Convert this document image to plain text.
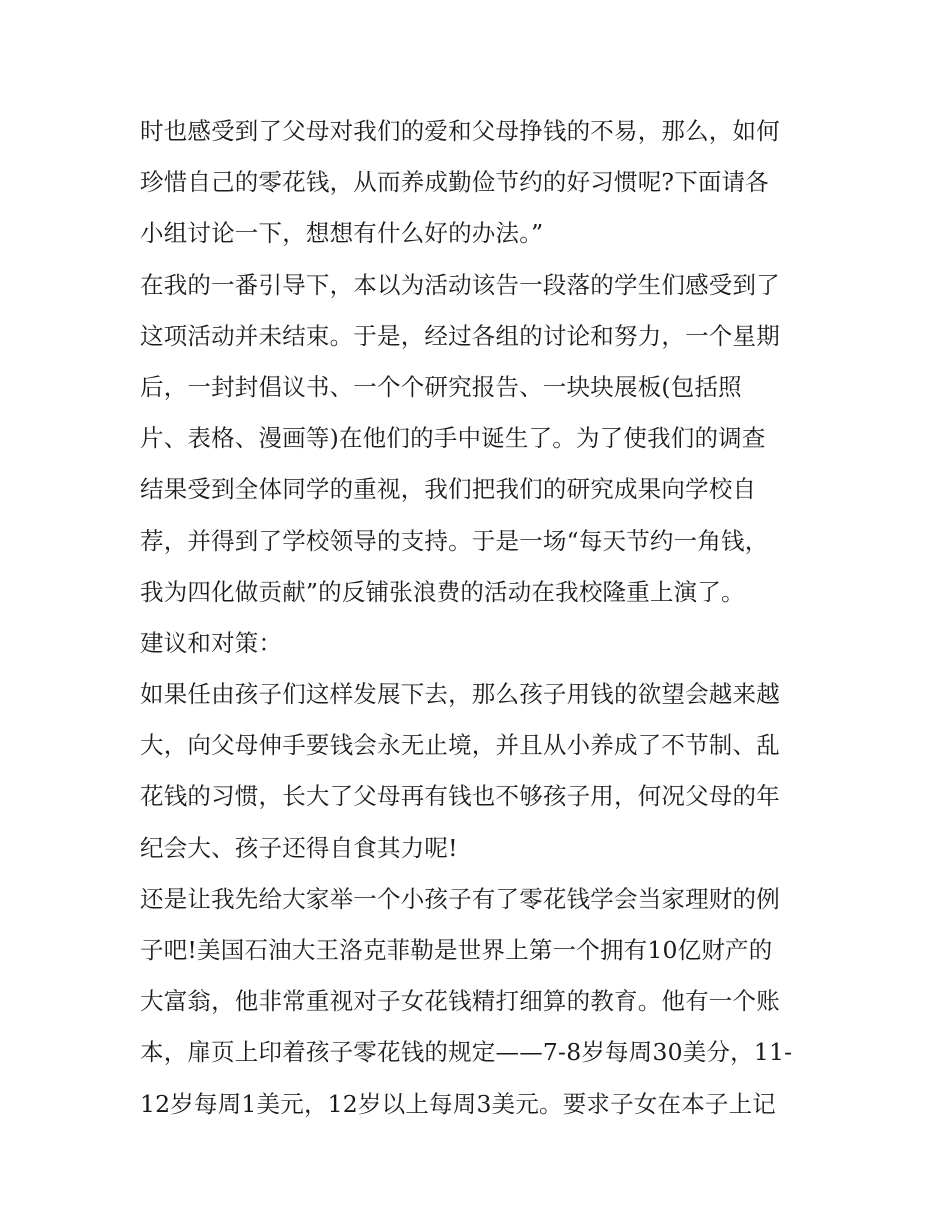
时也感受到了父母对我们的爱和父母挣钱的不易，那么，如何
珍惜自己的零花钱，从而养成勤俭节约的好习惯呢?下面请各
小组讨论一下，想想有什么好的办法。”
在我的一番引导下，本以为活动该告一段落的学生们感受到了
这项活动并未结束。于是，经过各组的讨论和努力，一个星期
后，一封封倡议书、一个个研究报告、一块块展板(包括照
片、表格、漫画等)在他们的手中诞生了。为了使我们的调查
结果受到全体同学的重视，我们把我们的研究成果向学校自
荐，并得到了学校领导的支持。于是一场“每天节约一角钱，
我为四化做贡献”的反铺张浪费的活动在我校隆重上演了。
建议和对策：
如果任由孩子们这样发展下去，那么孩子用钱的欲望会越来越
大，向父母伸手要钱会永无止境，并且从小养成了不节制、乱
花钱的习惯，长大了父母再有钱也不够孩子用，何况父母的年
纪会大、孩子还得自食其力呢!
还是让我先给大家举一个小孩子有了零花钱学会当家理财的例
子吧!美国石油大王洛克菲勒是世界上第一个拥有10亿财产的
大富翁，他非常重视对子女花钱精打细算的教育。他有一个账
本，扉页上印着孩子零花钱的规定——7-8岁每周30美分，11-
12岁每周1美元，12岁以上每周3美元。要求子女在本子上记
